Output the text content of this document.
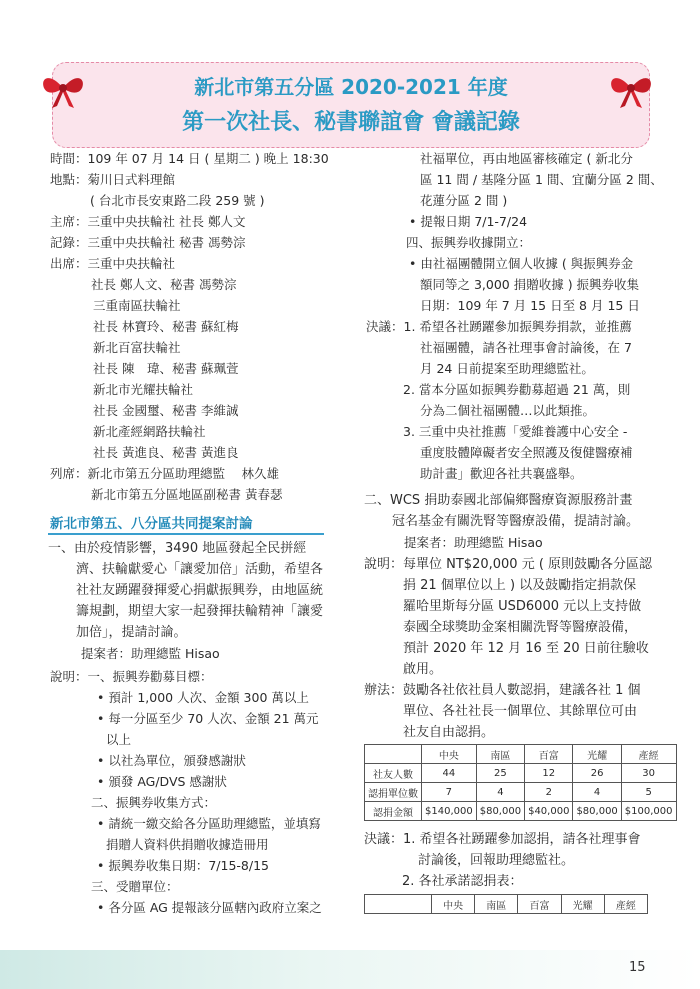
新北市第五分區 2020-2021 年度
第一次社長、秘書聯誼會 會議記錄
時間：109 年 07 月 14 日 ( 星期二 ) 晚上 18:30
地點：菊川日式料理館
( 台北市長安東路二段 259 號 )
主席：三重中央扶輪社 社長 鄭人文
記錄：三重中央扶輪社 秘書 馮勢淙
出席：三重中央扶輪社
社長 鄭人文、秘書 馮勢淙
三重南區扶輪社
社長 林寶玲、秘書 蘇紅梅
新北百富扶輪社
社長 陳　瑋、秘書 蘇珮萱
新北市光耀扶輪社
社長 金國璽、秘書 李維誠
新北產經網路扶輪社
社長 黃進良、秘書 黃進良
列席：新北市第五分區助理總監　 林久雄
新北市第五分區地區副秘書 黃春瑟
新北市第五、八分區共同提案討論
一、由於疫情影響，3490 地區發起全民拼經
濟、扶輪獻愛心「讓愛加倍」活動，希望各
社社友踴躍發揮愛心捐獻振興券，由地區統
籌規劃，期望大家一起發揮扶輪精神「讓愛
加倍」，提請討論。
提案者：助理總監 Hisao
說明：一、振興券勸募目標：
• 預計 1,000 人次、金額 300 萬以上
• 每一分區至少 70 人次、金額 21 萬元
以上
• 以社為單位，頒發感謝狀
• 頒發 AG/DVS 感謝狀
二、振興券收集方式：
• 請統一繳交給各分區助理總監，並填寫
捐贈人資料供捐贈收據造冊用
• 振興券收集日期：7/15-8/15
三、受贈單位：
• 各分區 AG 提報該分區轄內政府立案之
社福單位，再由地區審核確定 ( 新北分
區 11 間 / 基隆分區 1 間、宜蘭分區 2 間、
花蓮分區 2 間 )
• 提報日期 7/1-7/24
四、振興券收據開立：
• 由社福團體開立個人收據 ( 與振興券金
額同等之 3,000 捐贈收據 ) 振興券收集
日期：109 年 7 月 15 日至 8 月 15 日
決議：1. 希望各社踴躍參加振興券捐款，並推薦
社福團體，請各社理事會討論後，在 7
月 24 日前提案至助理總監社。
2. 當本分區如振興券勸募超過 21 萬，則
分為二個社福團體…以此類推。
3. 三重中央社推薦「愛維養護中心安全 -
重度肢體障礙者安全照護及復健醫療補
助計畫」歡迎各社共襄盛舉。
二、WCS 捐助泰國北部偏鄉醫療資源服務計畫
冠名基金有關洗腎等醫療設備，提請討論。
提案者：助理總監 Hisao
說明：每單位 NT$20,000 元 ( 原則鼓勵各分區認
捐 21 個單位以上 ) 以及鼓勵指定捐款保
羅哈里斯每分區 USD6000 元以上支持做
泰國全球獎助金案相關洗腎等醫療設備，
預計 2020 年 12 月 16 至 20 日前往驗收
啟用。
辦法：鼓勵各社依社員人數認捐，建議各社 1 個
單位、各社社長一個單位、其餘單位可由
社友自由認捐。
	中央	南區	百富	光耀	產經
社友人數	44	25	12	26	30
認捐單位數	7	4	2	4	5
認捐金額	$140,000	$80,000	$40,000	$80,000	$100,000
決議：1. 希望各社踴躍參加認捐，請各社理事會
討論後，回報助理總監社。
2. 各社承諾認捐表：
	中央	南區	百富	光耀	產經
15
